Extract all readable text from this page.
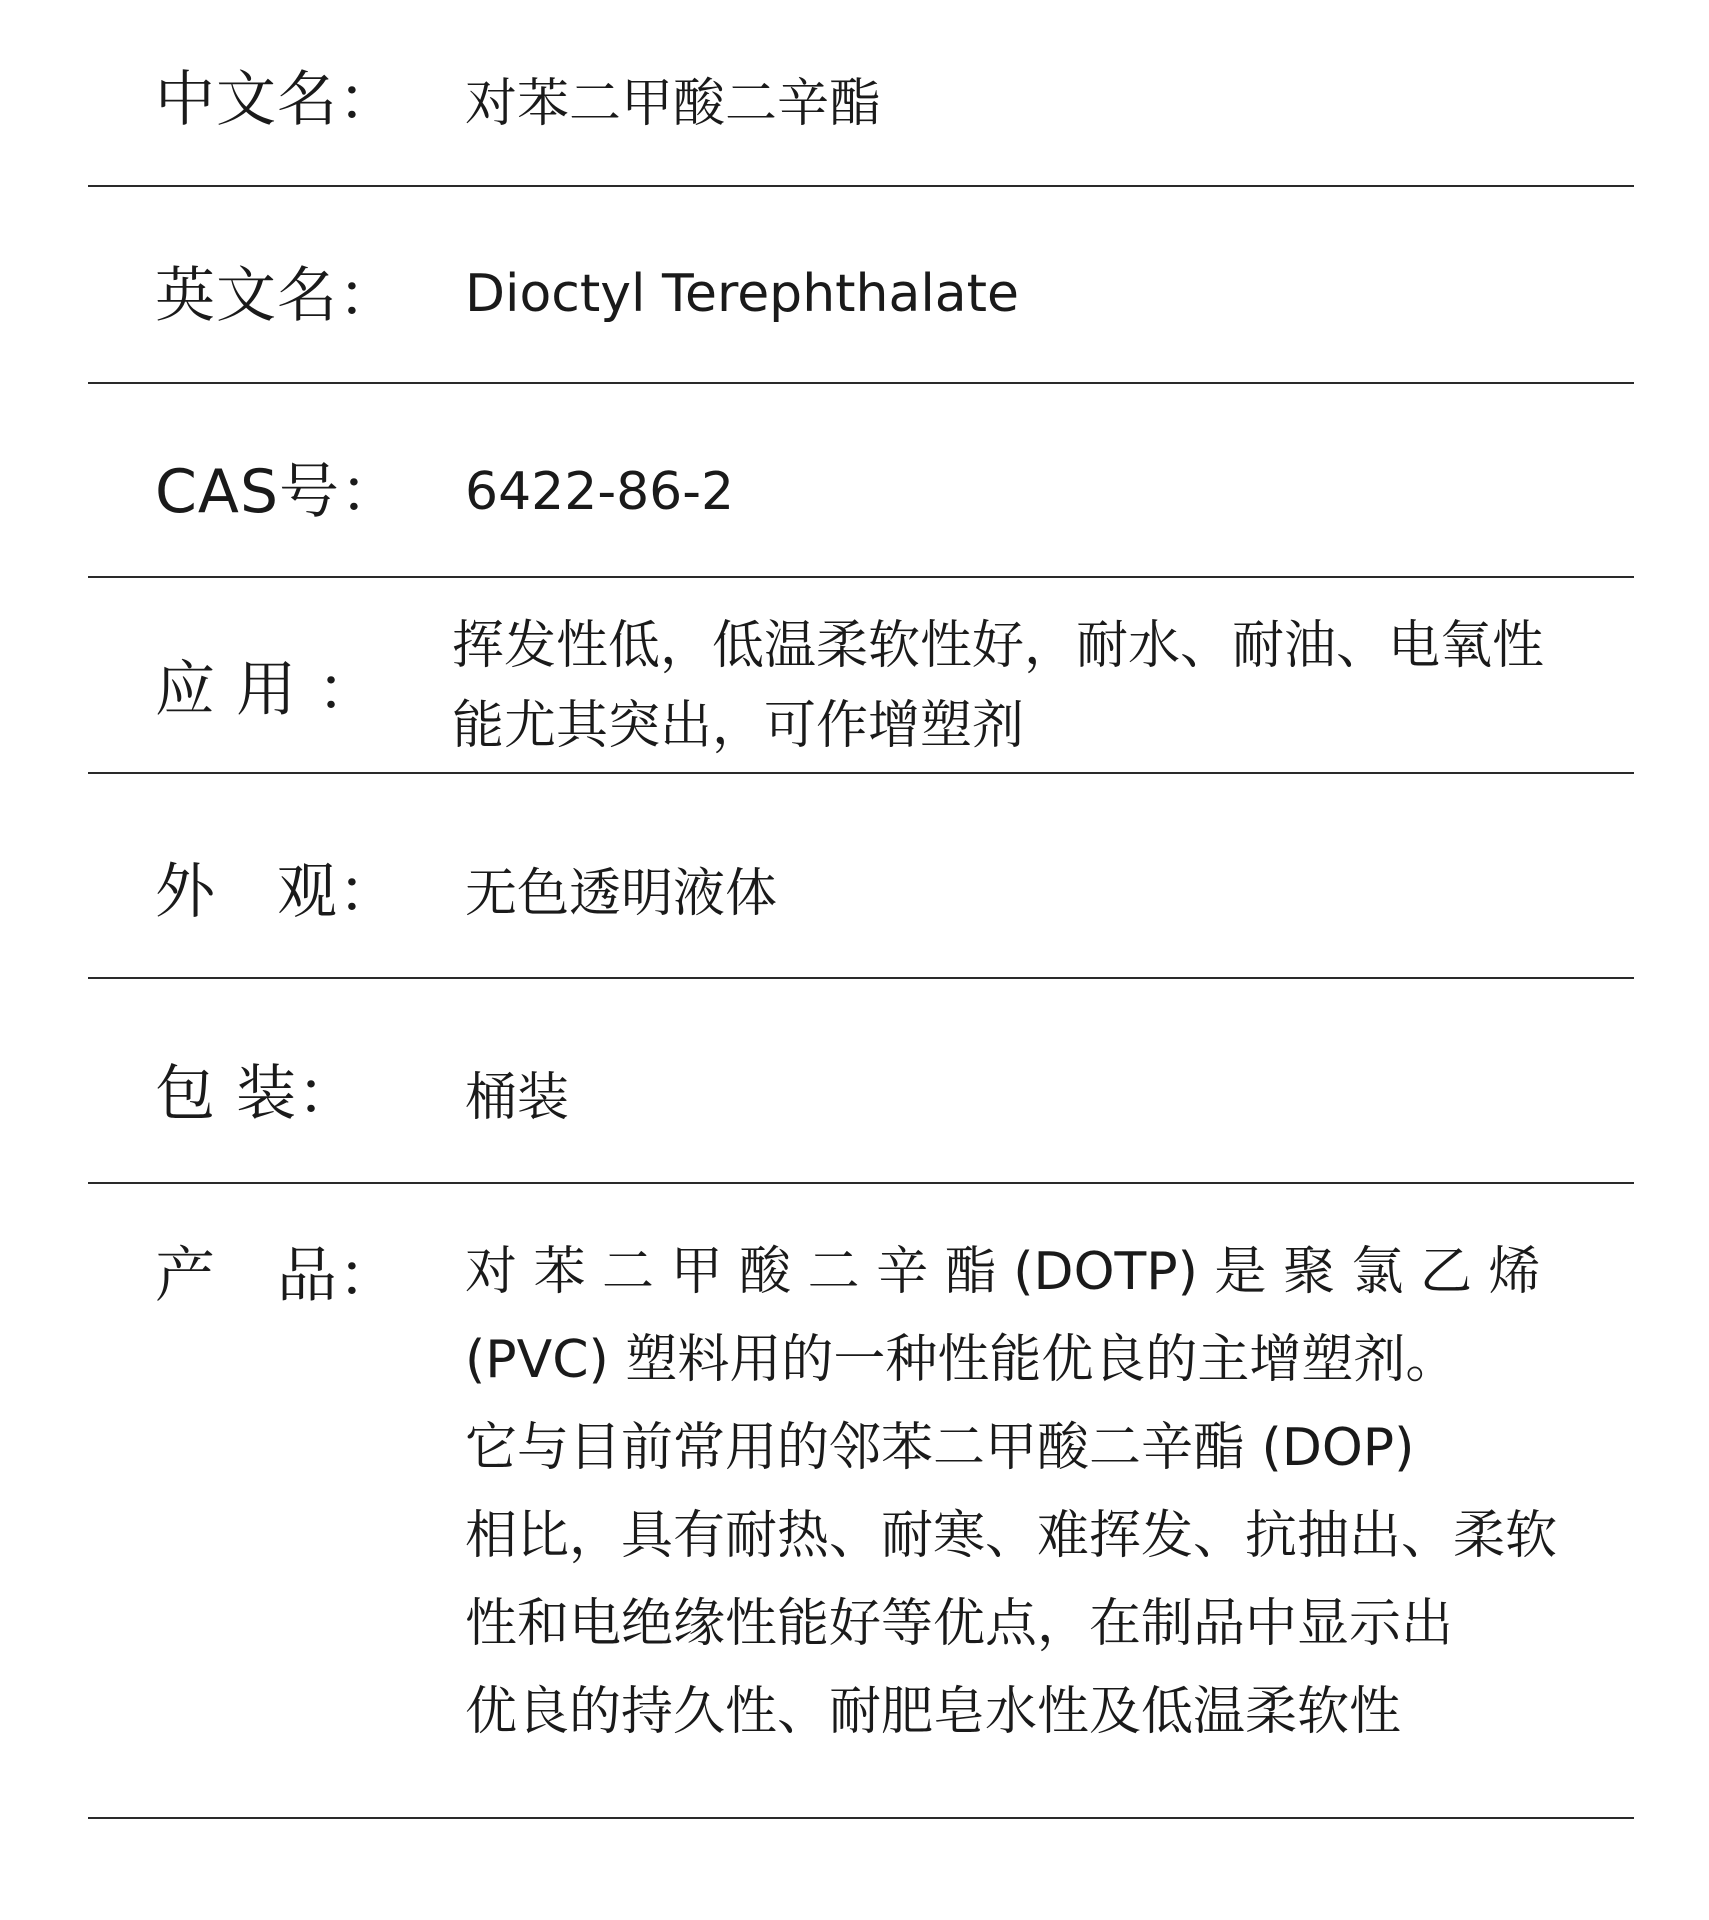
中文名： 对苯二甲酸二辛酯
英文名： Dioctyl Terephthalate
CAS号： 6422-86-2
应 用 ：
挥发性低，低温柔软性好，耐水、耐油、电氧性
能尤其突出，可作增塑剂
外　观： 无色透明液体
包 装： 桶装
产　品： 对 苯 二 甲 酸 二 辛 酯 (DOTP) 是 聚 氯 乙 烯
(PVC) 塑料用的一种性能优良的主增塑剂。
它与目前常用的邻苯二甲酸二辛酯 (DOP)
相比，具有耐热、耐寒、难挥发、抗抽出、柔软
性和电绝缘性能好等优点，在制品中显示出
优良的持久性、耐肥皂水性及低温柔软性
